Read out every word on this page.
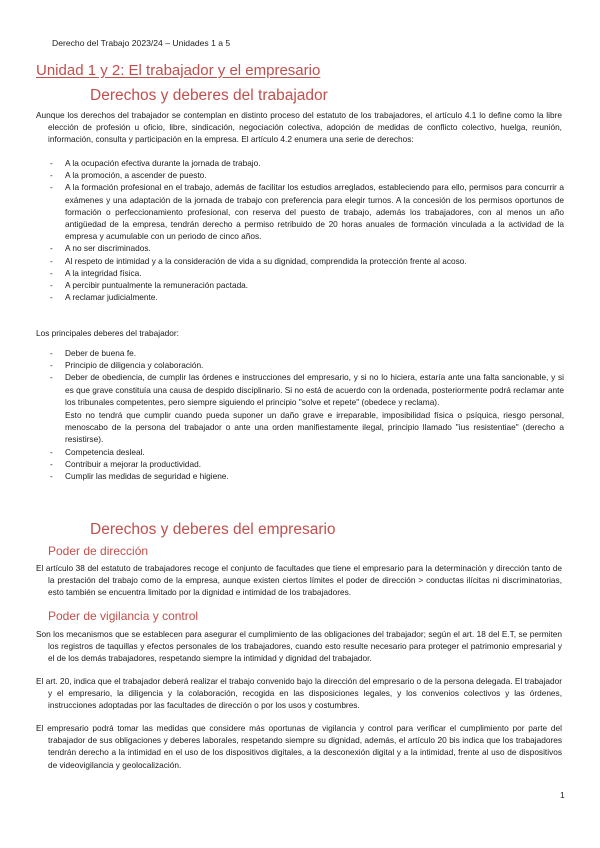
Derecho del Trabajo 2023/24 – Unidades 1 a 5
Unidad 1 y 2: El trabajador y el empresario
Derechos y deberes del trabajador

Aunque los derechos del trabajador se contemplan en distinto proceso del estatuto de los trabajadores, el artículo 4.1 lo define como la libre elección de profesión u oficio, libre, sindicación, negociación colectiva, adopción de medidas de conflicto colectivo, huelga, reunión, información, consulta y participación en la empresa. El artículo 4.2 enumera una serie de derechos:

- A la ocupación efectiva durante la jornada de trabajo.
- A la promoción, a ascender de puesto.
- A la formación profesional en el trabajo, además de facilitar los estudios arreglados, estableciendo para ello, permisos para concurrir a exámenes y una adaptación de la jornada de trabajo con preferencia para elegir turnos. A la concesión de los permisos oportunos de formación o perfeccionamiento profesional, con reserva del puesto de trabajo, además los trabajadores, con al menos un año antigüedad de la empresa, tendrán derecho a permiso retribuido de 20 horas anuales de formación vinculada a la actividad de la empresa y acumulable con un periodo de cinco años.
- A no ser discriminados.
- Al respeto de intimidad y a la consideración de vida a su dignidad, comprendida la protección frente al acoso.
- A la integridad física.
- A percibir puntualmente la remuneración pactada.
- A reclamar judicialmente.
Los principales deberes del trabajador:
- Deber de buena fe.
- Principio de diligencia y colaboración.
- Deber de obediencia, de cumplir las órdenes e instrucciones del empresario, y si no lo hiciera, estaría ante una falta sancionable, y si es que grave constituía una causa de despido disciplinario. Si no está de acuerdo con la ordenada, posteriormente podrá reclamar ante los tribunales competentes, pero siempre siguiendo el principio "solve et repete" (obedece y reclama).
Esto no tendrá que cumplir cuando pueda suponer un daño grave e irreparable, imposibilidad física o psíquica, riesgo personal, menoscabo de la persona del trabajador o ante una orden manifiestamente ilegal, principio llamado "ius resistentiae" (derecho a resistirse).
- Competencia desleal.
- Contribuir a mejorar la productividad.
- Cumplir las medidas de seguridad e higiene.
Derechos y deberes del empresario
Poder de dirección

El artículo 38 del estatuto de trabajadores recoge el conjunto de facultades que tiene el empresario para la determinación y dirección tanto de la prestación del trabajo como de la empresa, aunque existen ciertos límites el poder de dirección > conductas ilícitas ni discriminatorias, esto también se encuentra limitado por la dignidad e intimidad de los trabajadores.

Poder de vigilancia y control

Son los mecanismos que se establecen para asegurar el cumplimiento de las obligaciones del trabajador; según el art. 18 del E.T, se permiten los registros de taquillas y efectos personales de los trabajadores, cuando esto resulte necesario para proteger el patrimonio empresarial y el de los demás trabajadores, respetando siempre la intimidad y dignidad del trabajador.

El art. 20, indica que el trabajador deberá realizar el trabajo convenido bajo la dirección del empresario o de la persona delegada. El trabajador y el empresario, la diligencia y la colaboración, recogida en las disposiciones legales, y los convenios colectivos y las órdenes, instrucciones adoptadas por las facultades de dirección o por los usos y costumbres.

El empresario podrá tomar las medidas que considere más oportunas de vigilancia y control para verificar el cumplimiento por parte del trabajador de sus obligaciones y deberes laborales, respetando siempre su dignidad, además, el artículo 20 bis indica que los trabajadores tendrán derecho a la intimidad en el uso de los dispositivos digitales, a la desconexión digital y a la intimidad, frente al uso de dispositivos de videovigilancia y geolocalización.

1
